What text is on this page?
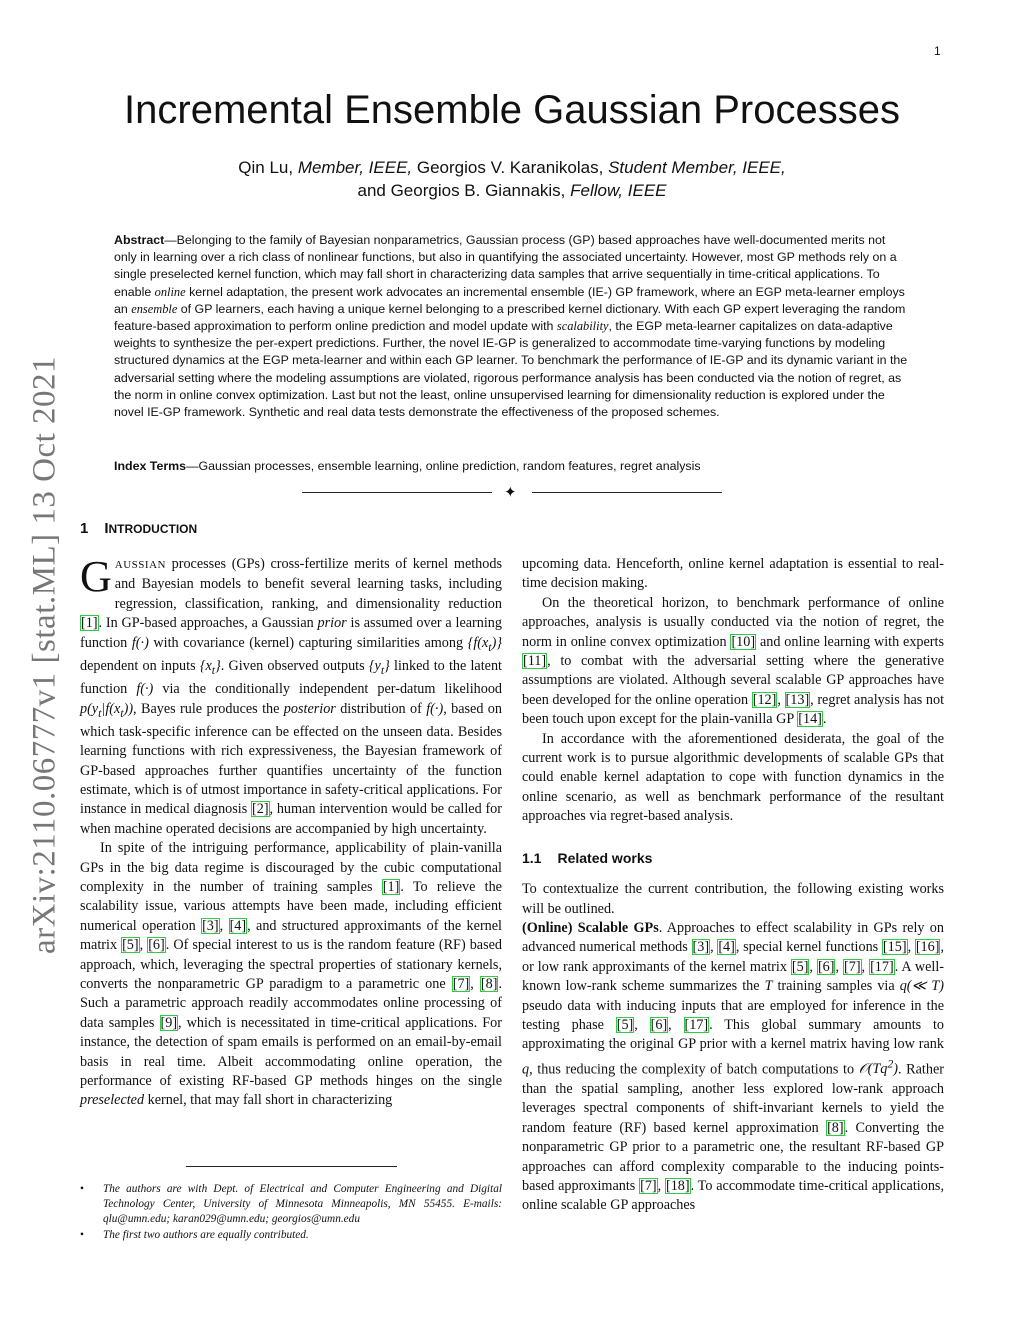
1
arXiv:2110.06777v1 [stat.ML] 13 Oct 2021
Incremental Ensemble Gaussian Processes
Qin Lu, Member, IEEE, Georgios V. Karanikolas, Student Member, IEEE,
and Georgios B. Giannakis, Fellow, IEEE
Abstract—Belonging to the family of Bayesian nonparametrics, Gaussian process (GP) based approaches have well-documented merits not only in learning over a rich class of nonlinear functions, but also in quantifying the associated uncertainty. However, most GP methods rely on a single preselected kernel function, which may fall short in characterizing data samples that arrive sequentially in time-critical applications. To enable online kernel adaptation, the present work advocates an incremental ensemble (IE-) GP framework, where an EGP meta-learner employs an ensemble of GP learners, each having a unique kernel belonging to a prescribed kernel dictionary. With each GP expert leveraging the random feature-based approximation to perform online prediction and model update with scalability, the EGP meta-learner capitalizes on data-adaptive weights to synthesize the per-expert predictions. Further, the novel IE-GP is generalized to accommodate time-varying functions by modeling structured dynamics at the EGP meta-learner and within each GP learner. To benchmark the performance of IE-GP and its dynamic variant in the adversarial setting where the modeling assumptions are violated, rigorous performance analysis has been conducted via the notion of regret, as the norm in online convex optimization. Last but not the least, online unsupervised learning for dimensionality reduction is explored under the novel IE-GP framework. Synthetic and real data tests demonstrate the effectiveness of the proposed schemes.
Index Terms—Gaussian processes, ensemble learning, online prediction, random features, regret analysis
✦
1 INTRODUCTION

GAUSSIAN processes (GPs) cross-fertilize merits of kernel methods and Bayesian models to benefit several learning tasks, including regression, classification, ranking, and dimensionality reduction [1]. In GP-based approaches, a Gaussian prior is assumed over a learning function f(·) with covariance (kernel) capturing similarities among $\{f(x_t)\}$ dependent on inputs $\{x_t\}$. Given observed outputs $\{y_t\}$ linked to the latent function f(·) via the conditionally independent per-datum likelihood $p(y_t|f(x_t))$, Bayes rule produces the posterior distribution of f(·), based on which task-specific inference can be effected on the unseen data. Besides learning functions with rich expressiveness, the Bayesian framework of GP-based approaches further quantifies uncertainty of the function estimate, which is of utmost importance in safety-critical applications. For instance in medical diagnosis [2], human intervention would be called for when machine operated decisions are accompanied by high uncertainty.

In spite of the intriguing performance, applicability of plain-vanilla GPs in the big data regime is discouraged by the cubic computational complexity in the number of training samples [1]. To relieve the scalability issue, various attempts have been made, including efficient numerical operation [3], [4], and structured approximants of the kernel matrix [5], [6]. Of special interest to us is the random feature (RF) based approach, which, leveraging the spectral properties of stationary kernels, converts the nonparametric GP paradigm to a parametric one [7], [8]. Such a parametric approach readily accommodates online processing of data samples [9], which is necessitated in time-critical applications. For instance, the detection of spam emails is performed on an email-by-email basis in real time. Albeit accommodating online operation, the performance of existing RF-based GP methods hinges on the single preselected kernel, that may fall short in characterizing

• The authors are with Dept. of Electrical and Computer Engineering and Digital Technology Center, University of Minnesota Minneapolis, MN 55455. E-mails: qlu@umn.edu; karan029@umn.edu; georgios@umn.edu
• The first two authors are equally contributed.

upcoming data. Henceforth, online kernel adaptation is essential to real-time decision making.

On the theoretical horizon, to benchmark performance of online approaches, analysis is usually conducted via the notion of regret, the norm in online convex optimization [10] and online learning with experts [11], to combat with the adversarial setting where the generative assumptions are violated. Although several scalable GP approaches have been developed for the online operation [12], [13], regret analysis has not been touch upon except for the plain-vanilla GP [14].

In accordance with the aforementioned desiderata, the goal of the current work is to pursue algorithmic developments of scalable GPs that could enable kernel adaptation to cope with function dynamics in the online scenario, as well as benchmark performance of the resultant approaches via regret-based analysis.

1.1 Related works

To contextualize the current contribution, the following existing works will be outlined.

(Online) Scalable GPs. Approaches to effect scalability in GPs rely on advanced numerical methods [3], [4], special kernel functions [15], [16], or low rank approximants of the kernel matrix [5], [6], [7], [17]. A well-known low-rank scheme summarizes the T training samples via q(≪ T) pseudo data with inducing inputs that are employed for inference in the testing phase [5], [6], [17]. This global summary amounts to approximating the original GP prior with a kernel matrix having low rank q, thus reducing the complexity of batch computations to 𝒪(Tq$^2$). Rather than the spatial sampling, another less explored low-rank approach leverages spectral components of shift-invariant kernels to yield the random feature (RF) based kernel approximation [8]. Converting the nonparametric GP prior to a parametric one, the resultant RF-based GP approaches can afford complexity comparable to the inducing points-based approximants [7], [18]. To accommodate time-critical applications, online scalable GP approaches
